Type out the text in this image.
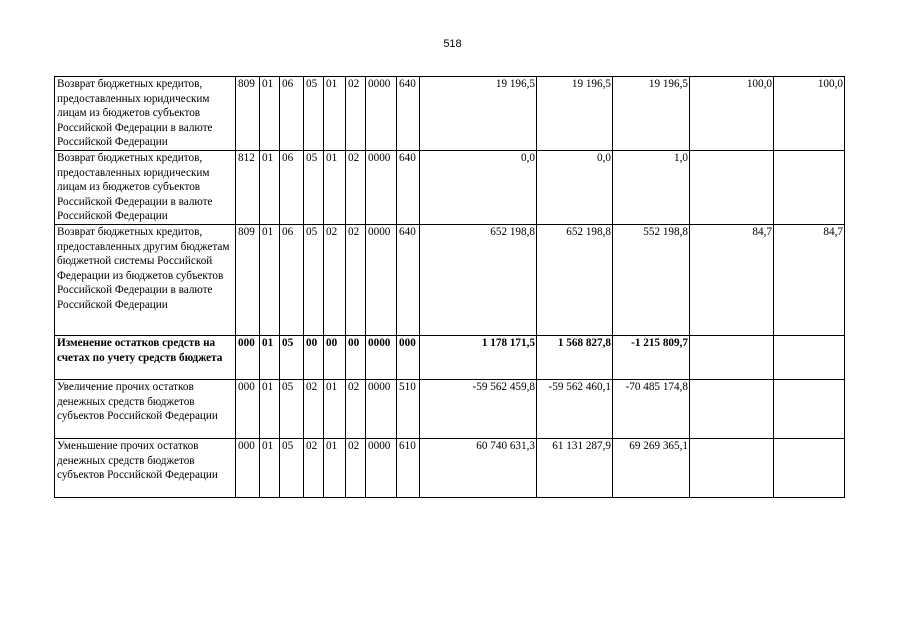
518
Возврат бюджетных кредитов, предоставленных юридическим лицам из бюджетов субъектов Российской Федерации в валюте Российской Федерации	809	01	06	05	01	02	0000	640	19 196,5	19 196,5	19 196,5	100,0	100,0
Возврат бюджетных кредитов, предоставленных юридическим лицам из бюджетов субъектов Российской Федерации в валюте Российской Федерации	812	01	06	05	01	02	0000	640	0,0	0,0	1,0		
Возврат бюджетных кредитов, предоставленных другим бюджетам бюджетной системы Российской Федерации из бюджетов субъектов Российской Федерации в валюте Российской Федерации	809	01	06	05	02	02	0000	640	652 198,8	652 198,8	552 198,8	84,7	84,7
Изменение остатков средств на счетах по учету средств бюджета	000	01	05	00	00	00	0000	000	1 178 171,5	1 568 827,8	-1 215 809,7		
Увеличение прочих остатков денежных средств бюджетов субъектов Российской Федерации	000	01	05	02	01	02	0000	510	-59 562 459,8	-59 562 460,1	-70 485 174,8		
Уменьшение прочих остатков денежных средств бюджетов субъектов Российской Федерации	000	01	05	02	01	02	0000	610	60 740 631,3	61 131 287,9	69 269 365,1		
